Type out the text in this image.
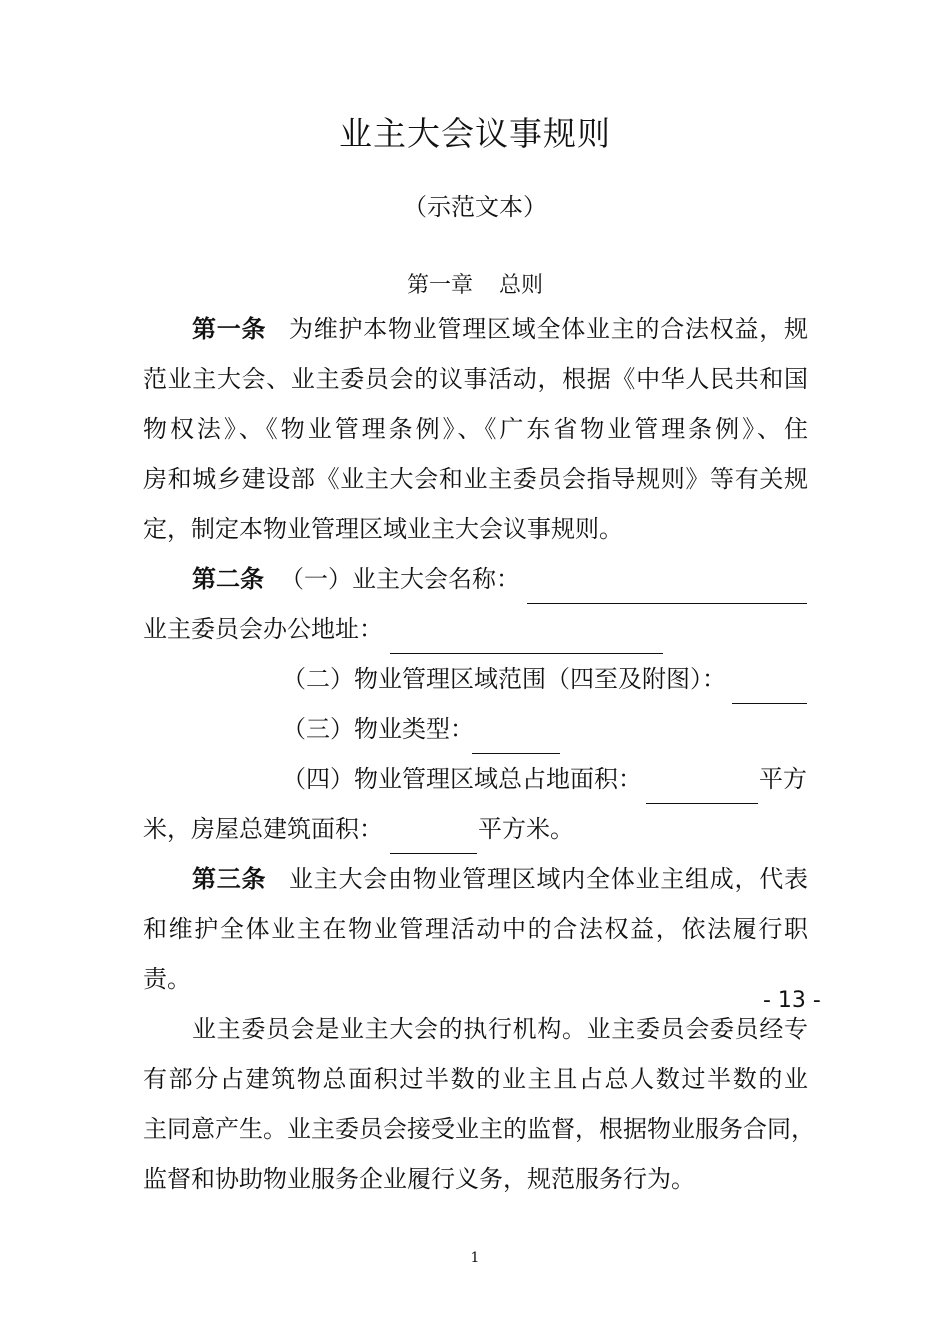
业主大会议事规则
（示范文本）
第一章 总则
第一条 为维护本物业管理区域全体业主的合法权益，规
范业主大会、业主委员会的议事活动，根据《中华人民共和国
物权法》、《物业管理条例》、《广东省物业管理条例》、住
房和城乡建设部《业主大会和业主委员会指导规则》等有关规
定，制定本物业管理区域业主大会议事规则。
第二条 （一）业主大会名称：
业主委员会办公地址：
（二）物业管理区域范围（四至及附图）：
（三）物业类型：
（四）物业管理区域总占地面积：	平方
米，房屋总建筑面积：	平方米。
第三条 业主大会由物业管理区域内全体业主组成，代表
和维护全体业主在物业管理活动中的合法权益，依法履行职
责。
- 13 -
业主委员会是业主大会的执行机构。业主委员会委员经专
有部分占建筑物总面积过半数的业主且占总人数过半数的业
主同意产生。业主委员会接受业主的监督，根据物业服务合同，
监督和协助物业服务企业履行义务，规范服务行为。
1
